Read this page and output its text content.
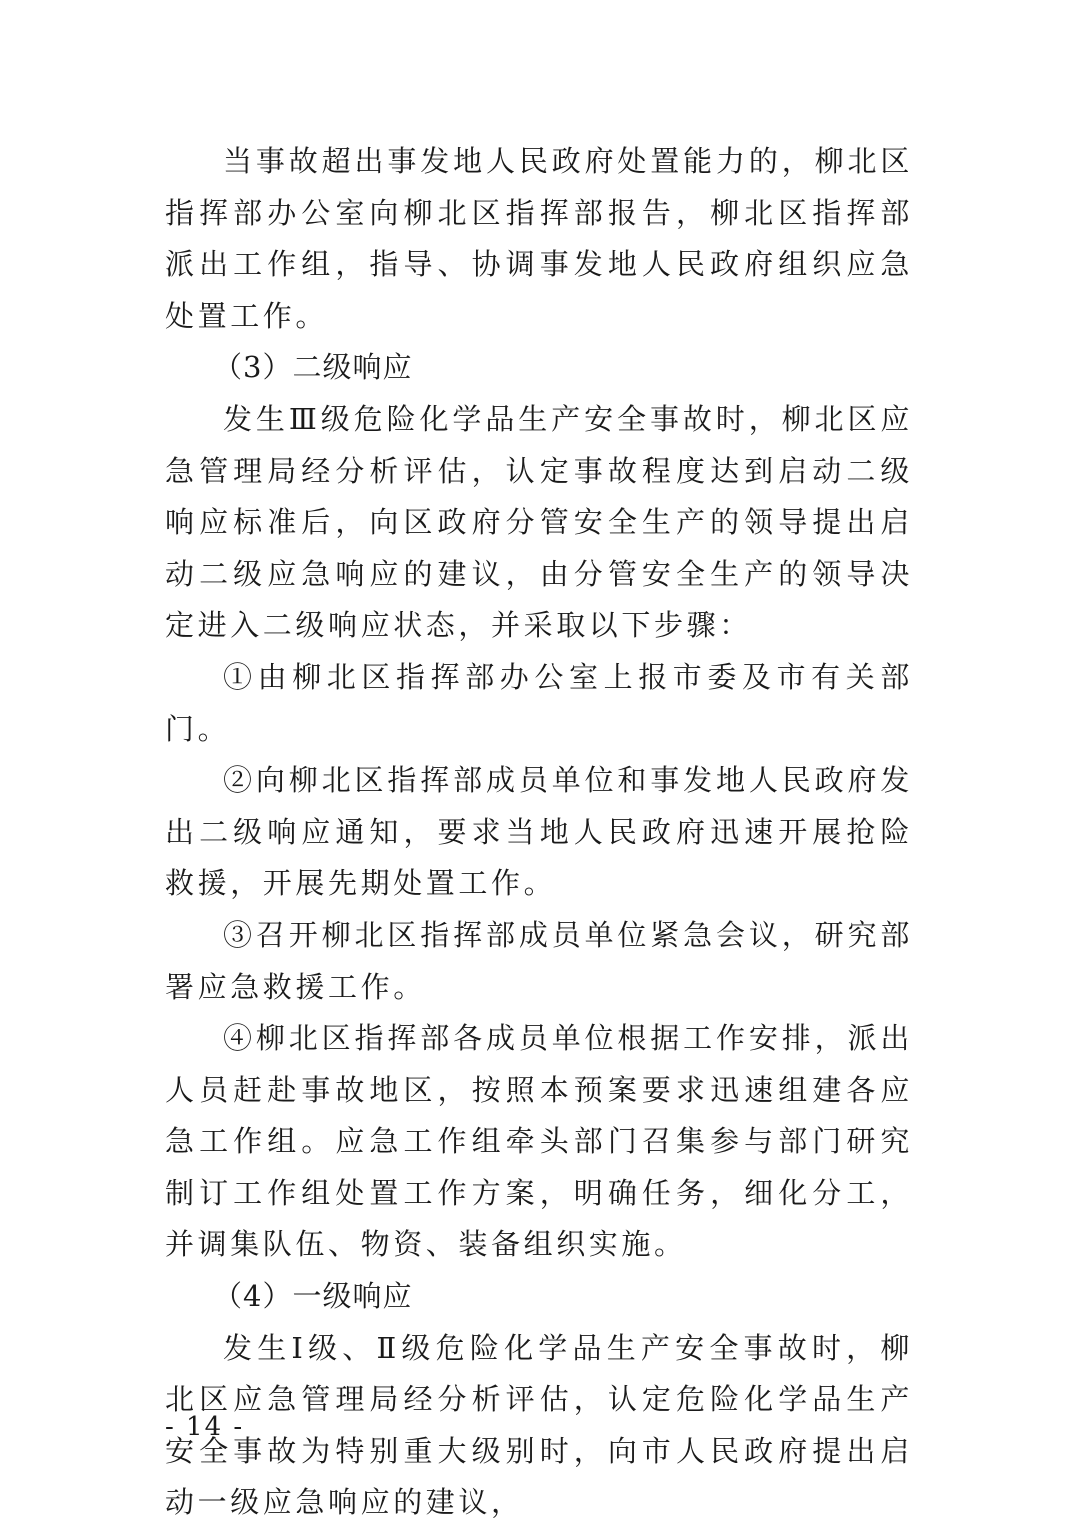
当事故超出事发地人民政府处置能力的，柳北区指挥部办公室向柳北区指挥部报告，柳北区指挥部派出工作组，指导、协调事发地人民政府组织应急处置工作。

（3）二级响应

发生Ⅲ级危险化学品生产安全事故时，柳北区应急管理局经分析评估，认定事故程度达到启动二级响应标准后，向区政府分管安全生产的领导提出启动二级应急响应的建议，由分管安全生产的领导决定进入二级响应状态，并采取以下步骤：

①由柳北区指挥部办公室上报市委及市有关部门。

②向柳北区指挥部成员单位和事发地人民政府发出二级响应通知，要求当地人民政府迅速开展抢险救援，开展先期处置工作。

③召开柳北区指挥部成员单位紧急会议，研究部署应急救援工作。

④柳北区指挥部各成员单位根据工作安排，派出人员赶赴事故地区，按照本预案要求迅速组建各应急工作组。应急工作组牵头部门召集参与部门研究制订工作组处置工作方案，明确任务，细化分工，并调集队伍、物资、装备组织实施。

（4）一级响应

发生Ⅰ级、Ⅱ级危险化学品生产安全事故时，柳北区应急管理局经分析评估，认定危险化学品生产安全事故为特别重大级别时，向市人民政府提出启动一级应急响应的建议，

- 14 -
